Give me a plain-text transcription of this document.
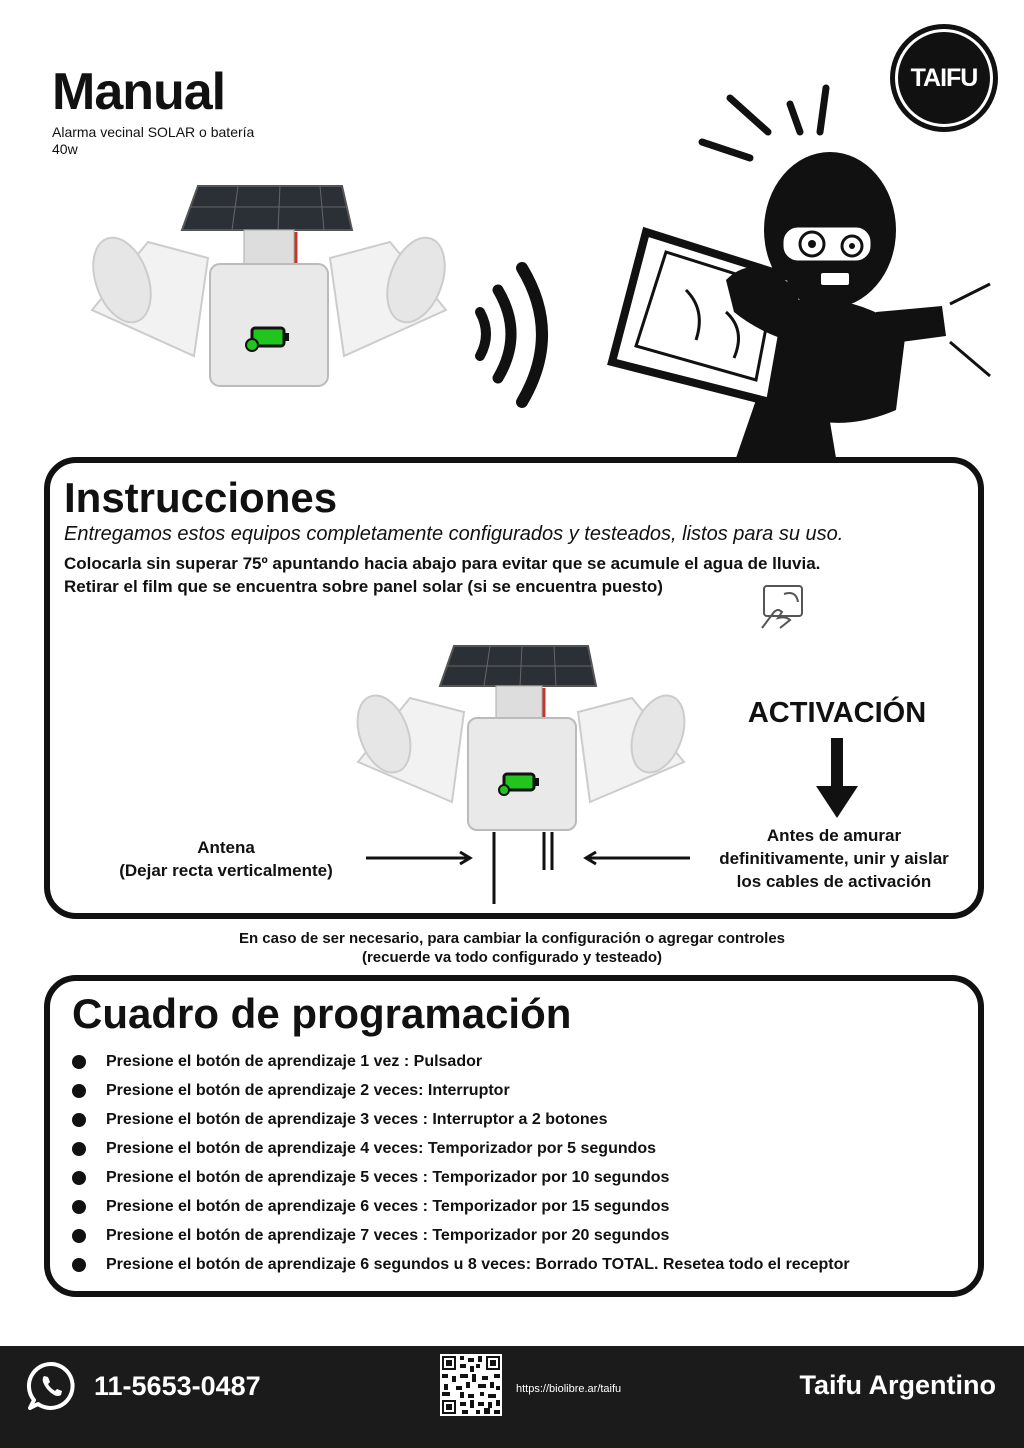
Manual
Alarma vecinal SOLAR o batería
40w
TAIFU
Instrucciones
Entregamos estos equipos completamente configurados y testeados, listos para su uso.
Colocarla sin superar 75º apuntando hacia abajo para evitar que se acumule el agua de lluvia.
Retirar el film que se encuentra sobre panel solar (si se encuentra puesto)
ACTIVACIÓN
Antena
(Dejar recta verticalmente)
Antes de amurar
definitivamente, unir y aislar
los cables de activación
En caso de ser necesario, para cambiar la configuración o agregar controles
(recuerde va todo configurado y testeado)
Cuadro de programación
Presione el botón de aprendizaje 1 vez : Pulsador
Presione el botón de aprendizaje 2 veces: Interruptor
Presione el botón de aprendizaje 3 veces : Interruptor a 2 botones
Presione el botón de aprendizaje 4 veces: Temporizador por 5 segundos
Presione el botón de aprendizaje 5 veces : Temporizador por 10 segundos
Presione el botón de aprendizaje 6 veces : Temporizador por 15 segundos
Presione el botón de aprendizaje 7 veces : Temporizador por 20 segundos
Presione el botón de aprendizaje 6 segundos u 8 veces: Borrado TOTAL. Resetea todo el receptor
11-5653-0487	https://biolibre.ar/taifu	Taifu Argentino
